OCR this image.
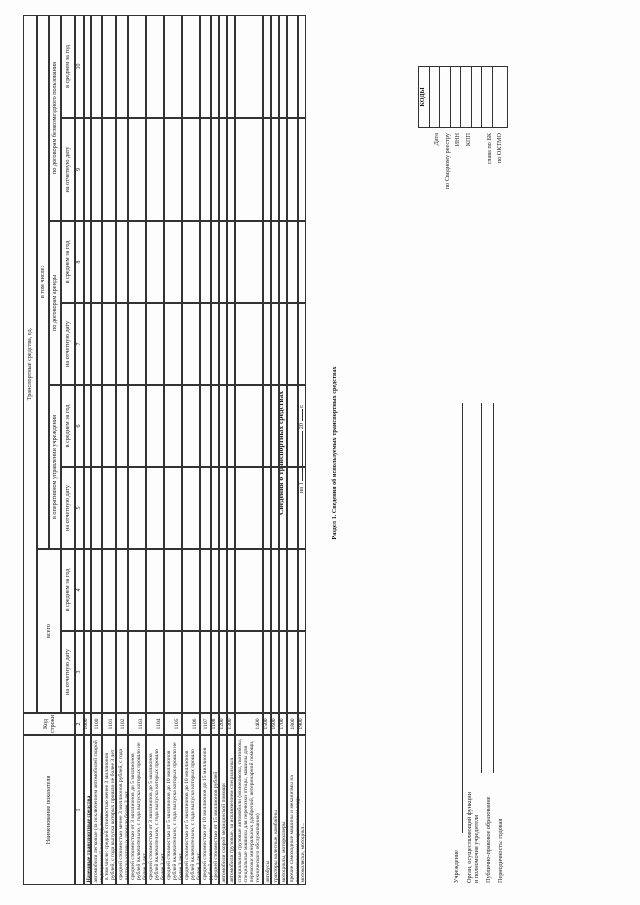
Сведения о транспортных средствах	на 1  20  г.
Учреждение Орган, осуществляющий функции и полномочия учредителя Публично-правовое образование Периодичность: годовая
Дата по Сводному реестру ИНН КПП	глава по БК по ОКТМО
КОДЫ
Раздел 1. Сведения об используемых транспортных средствах
Наименование показателя
Код строки
Транспортные средства, ед.
всего
в том числе:
в оперативном управлении учреждения
по договорам аренды
по договорам безвозмездного пользования
на отчетную дату
в среднем за год
на отчетную дату
в среднем за год
на отчетную дату
в среднем за год
на отчетную дату
в среднем за год
1
2
3
4
5
6
7
8
9
10
Наземные транспортные средства
1000
автомобили легковые (за исключением автомобилей скорой медицинской помощи), всего
1100
в том числе: средней стоимостью менее 3 миллионов рублей, с года выпуска которых прошло не более 3 лет
1101
средней стоимостью менее 3 миллионов рублей, с года выпуска которых прошло более 3 лет
1102
средней стоимостью от 3 миллионов до 5 миллионов рублей включительно, с года выпуска которых прошло не более 3 лет
1103
средней стоимостью от 3 миллионов до 5 миллионов рублей включительно, с года выпуска которых прошло более 3 лет
1104
средней стоимостью от 5 миллионов до 10 миллионов рублей включительно, с года выпуска которых прошло не более 3 лет
1105
средней стоимостью от 5 миллионов до 10 миллионов рублей включительно, с года выпуска которых прошло более 3 лет
1106
средней стоимостью от 10 миллионов до 15 миллионов рублей включительно
1107
средней стоимостью от 15 миллионов рублей
1108
автомобили скорой медицинской помощи
1200
автомобили грузовые, за исключением специальных
1300
специальные грузовые автомобили (молоковозы, скотовозы, специальные машины для перевозки птицы, машины для перевозки минеральных удобрений, ветеринарной помощи, технического обслуживания)
1400
автобусы
1500
тракторы колесные, комбайны
1600
мотоциклы, мотороллеры
1700
прочие самоходные машины и механизмы на пневматическом и гусеничном ходу
1800
мотоколяски, мотоцикл...
1900
